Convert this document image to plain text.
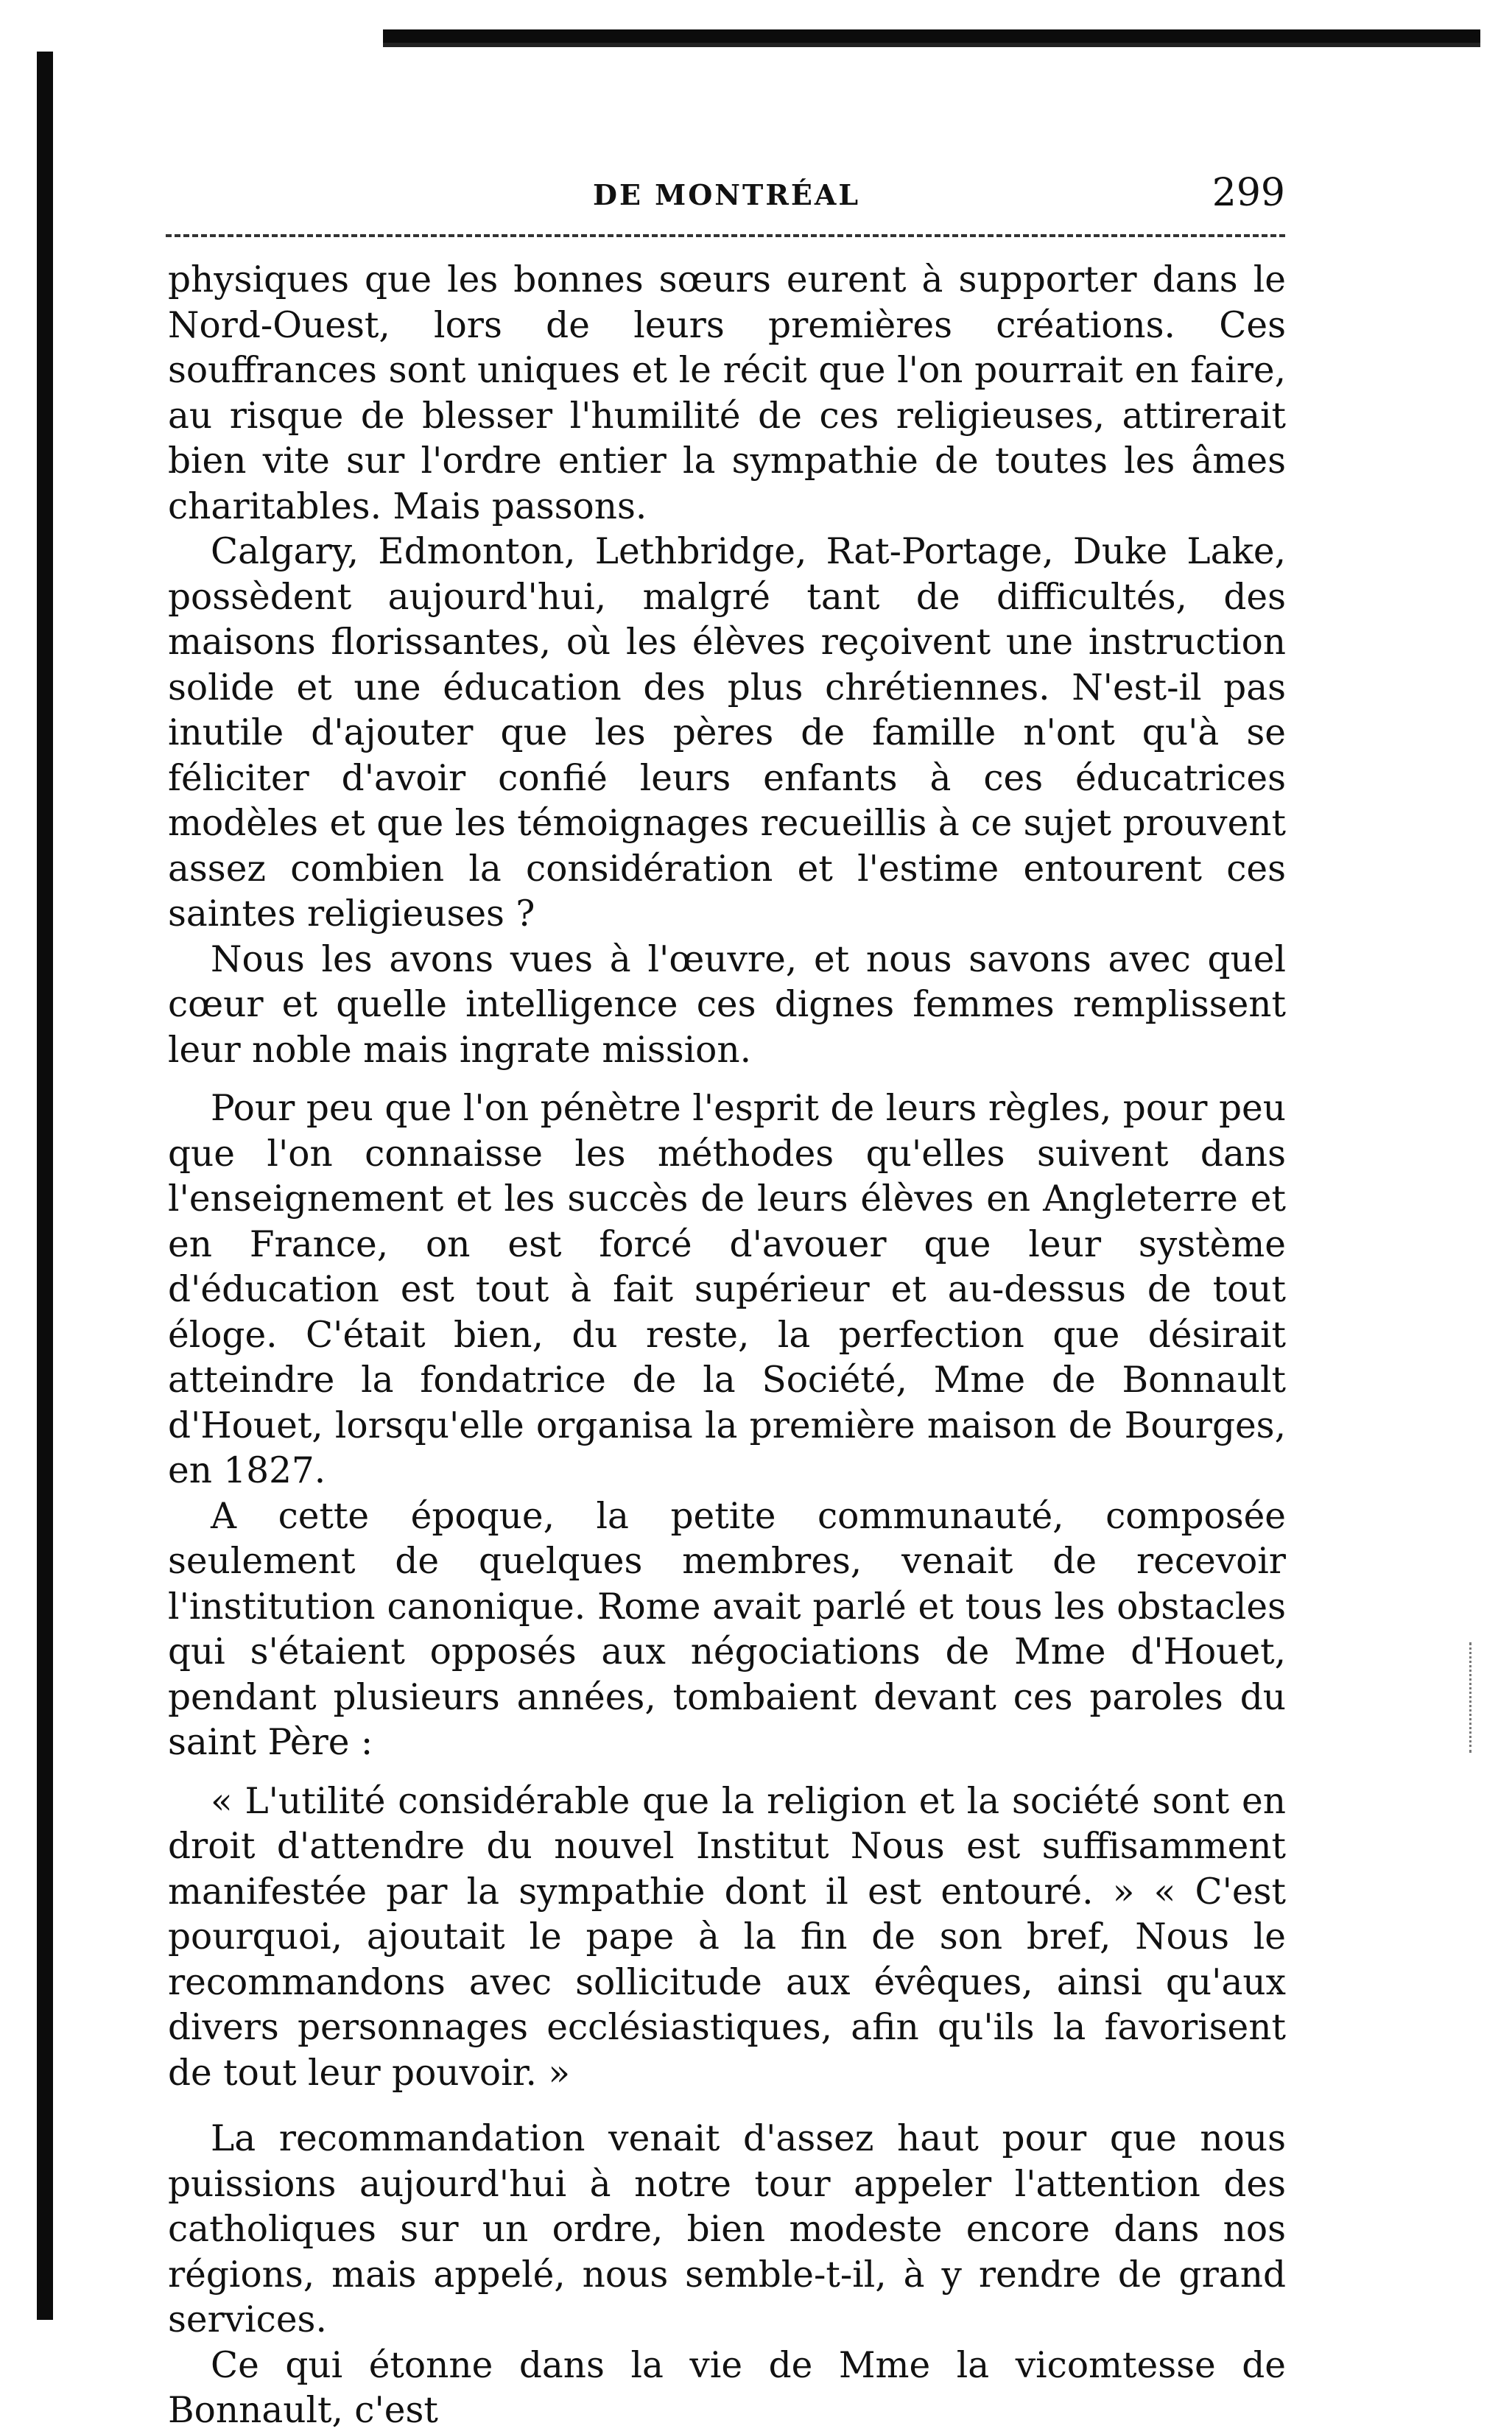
DE MONTRÉAL	299

physiques que les bonnes sœurs eurent à supporter dans le Nord-Ouest, lors de leurs premières créations. Ces souffrances sont uniques et le récit que l'on pourrait en faire, au risque de blesser l'humilité de ces religieuses, attirerait bien vite sur l'ordre entier la sympathie de toutes les âmes charitables. Mais passons.

Calgary, Edmonton, Lethbridge, Rat-Portage, Duke Lake, possèdent aujourd'hui, malgré tant de difficultés, des maisons florissantes, où les élèves reçoivent une instruction solide et une éducation des plus chrétiennes. N'est-il pas inutile d'ajouter que les pères de famille n'ont qu'à se féliciter d'avoir confié leurs enfants à ces éducatrices modèles et que les témoignages recueillis à ce sujet prouvent assez combien la considération et l'estime entourent ces saintes religieuses ?

Nous les avons vues à l'œuvre, et nous savons avec quel cœur et quelle intelligence ces dignes femmes remplissent leur noble mais ingrate mission.

Pour peu que l'on pénètre l'esprit de leurs règles, pour peu que l'on connaisse les méthodes qu'elles suivent dans l'enseignement et les succès de leurs élèves en Angleterre et en France, on est forcé d'avouer que leur système d'éducation est tout à fait supérieur et au-dessus de tout éloge. C'était bien, du reste, la perfection que désirait atteindre la fondatrice de la Société, Mme de Bonnault d'Houet, lorsqu'elle organisa la première maison de Bourges, en 1827.

A cette époque, la petite communauté, composée seulement de quelques membres, venait de recevoir l'institution canonique. Rome avait parlé et tous les obstacles qui s'étaient opposés aux négociations de Mme d'Houet, pendant plusieurs années, tombaient devant ces paroles du saint Père :

« L'utilité considérable que la religion et la société sont en droit d'attendre du nouvel Institut Nous est suffisamment manifestée par la sympathie dont il est entouré. » « C'est pourquoi, ajoutait le pape à la fin de son bref, Nous le recommandons avec sollicitude aux évêques, ainsi qu'aux divers personnages ecclésiastiques, afin qu'ils la favorisent de tout leur pouvoir. »

La recommandation venait d'assez haut pour que nous puissions aujourd'hui à notre tour appeler l'attention des catholiques sur un ordre, bien modeste encore dans nos régions, mais appelé, nous semble-t-il, à y rendre de grand services.

Ce qui étonne dans la vie de Mme la vicomtesse de Bonnault, c'est
